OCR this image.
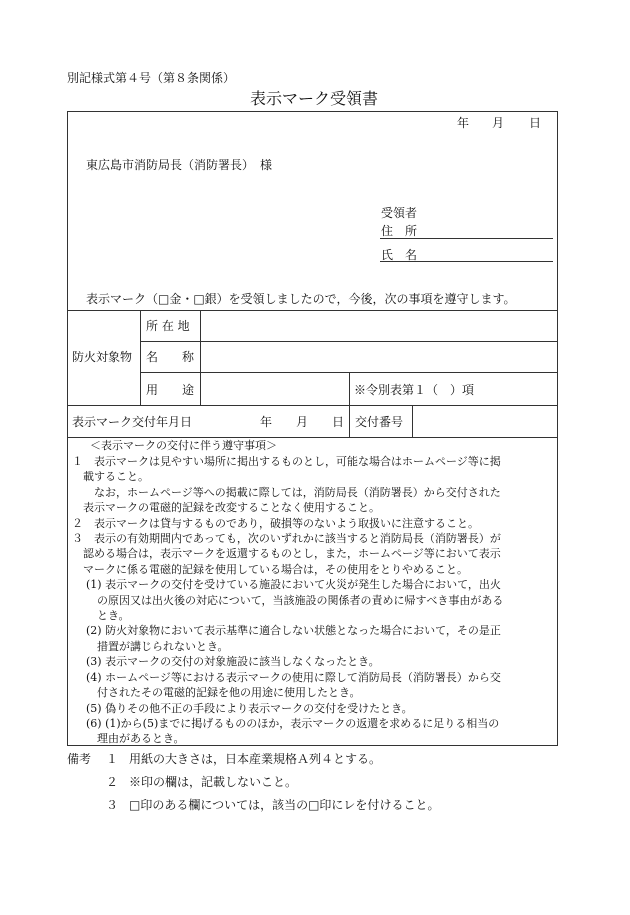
別記様式第４号（第８条関係）
表示マーク受領書
年 月 日
東広島市消防局長（消防署長）　様
受領者
住　所
氏　名
表示マーク（□金・□銀）を受領しましたので，今後，次の事項を遵守します。
防火対象物
所 在 地
名　　称
用　　途	※令別表第１（　）項
表示マーク交付年月日	年　　月　　日 交付番号
＜表示マークの交付に伴う遵守事項＞
１　表示マークは見やすい場所に掲出するものとし，可能な場合はホームページ等に掲
　載すること。
　　なお，ホームページ等への掲載に際しては，消防局長（消防署長）から交付された
　表示マークの電磁的記録を改変することなく使用すること。
２　表示マークは貸与するものであり，破損等のないよう取扱いに注意すること。
３　表示の有効期間内であっても，次のいずれかに該当すると消防局長（消防署長）が
　認める場合は，表示マークを返還するものとし，また，ホームページ等において表示
　マークに係る電磁的記録を使用している場合は，その使用をとりやめること。
(1) 表示マークの交付を受けている施設において火災が発生した場合において，出火
　の原因又は出火後の対応について，当該施設の関係者の責めに帰すべき事由がある
　とき。
(2) 防火対象物において表示基準に適合しない状態となった場合において，その是正
　措置が講じられないとき。
(3) 表示マークの交付の対象施設に該当しなくなったとき。
(4) ホームページ等における表示マークの使用に際して消防局長（消防署長）から交
　付されたその電磁的記録を他の用途に使用したとき。
(5) 偽りその他不正の手段により表示マークの交付を受けたとき。
(6) (1)から(5)までに掲げるもののほか，表示マークの返還を求めるに足りる相当の
　理由があるとき。
備考 １ 用紙の大きさは，日本産業規格Ａ列４とする。
２ ※印の欄は，記載しないこと。
３ □印のある欄については，該当の□印にレを付けること。
